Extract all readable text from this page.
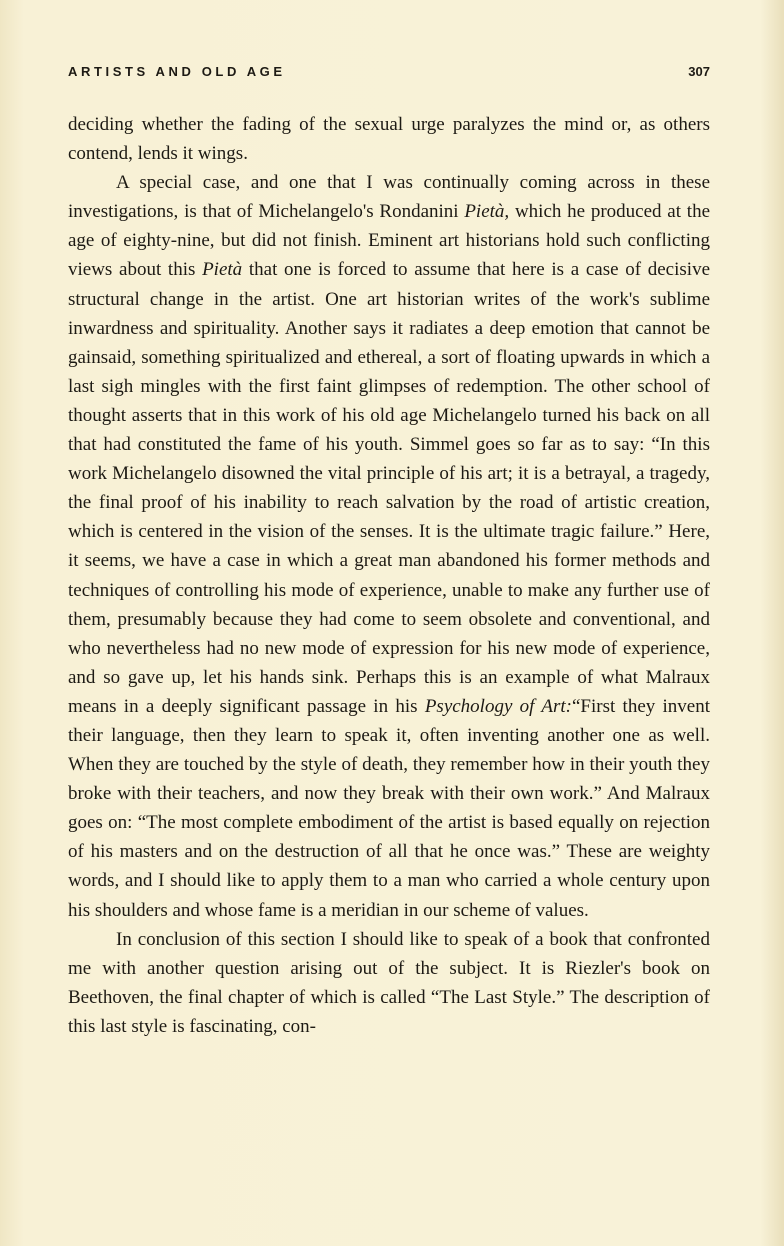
ARTISTS AND OLD AGE	307

deciding whether the fading of the sexual urge paralyzes the mind or, as others contend, lends it wings.

A special case, and one that I was continually coming across in these investigations, is that of Michelangelo's Rondanini Pietà, which he produced at the age of eighty-nine, but did not finish. Eminent art historians hold such conflicting views about this Pietà that one is forced to assume that here is a case of decisive structural change in the artist. One art historian writes of the work's sublime inwardness and spirituality. Another says it radiates a deep emotion that cannot be gainsaid, something spiritualized and ethereal, a sort of floating upwards in which a last sigh mingles with the first faint glimpses of redemption. The other school of thought asserts that in this work of his old age Michelangelo turned his back on all that had constituted the fame of his youth. Simmel goes so far as to say: “In this work Michelangelo disowned the vital principle of his art; it is a betrayal, a tragedy, the final proof of his inability to reach salvation by the road of artistic creation, which is centered in the vision of the senses. It is the ultimate tragic failure.” Here, it seems, we have a case in which a great man abandoned his former methods and techniques of controlling his mode of experience, unable to make any further use of them, presumably because they had come to seem obsolete and conventional, and who nevertheless had no new mode of expression for his new mode of experience, and so gave up, let his hands sink. Perhaps this is an example of what Malraux means in a deeply significant passage in his Psychology of Art:“First they invent their language, then they learn to speak it, often inventing another one as well. When they are touched by the style of death, they remember how in their youth they broke with their teachers, and now they break with their own work.” And Malraux goes on: “The most complete embodiment of the artist is based equally on rejection of his masters and on the destruction of all that he once was.” These are weighty words, and I should like to apply them to a man who carried a whole century upon his shoulders and whose fame is a meridian in our scheme of values.

In conclusion of this section I should like to speak of a book that confronted me with another question arising out of the subject. It is Riezler's book on Beethoven, the final chapter of which is called “The Last Style.” The description of this last style is fascinating, con-
